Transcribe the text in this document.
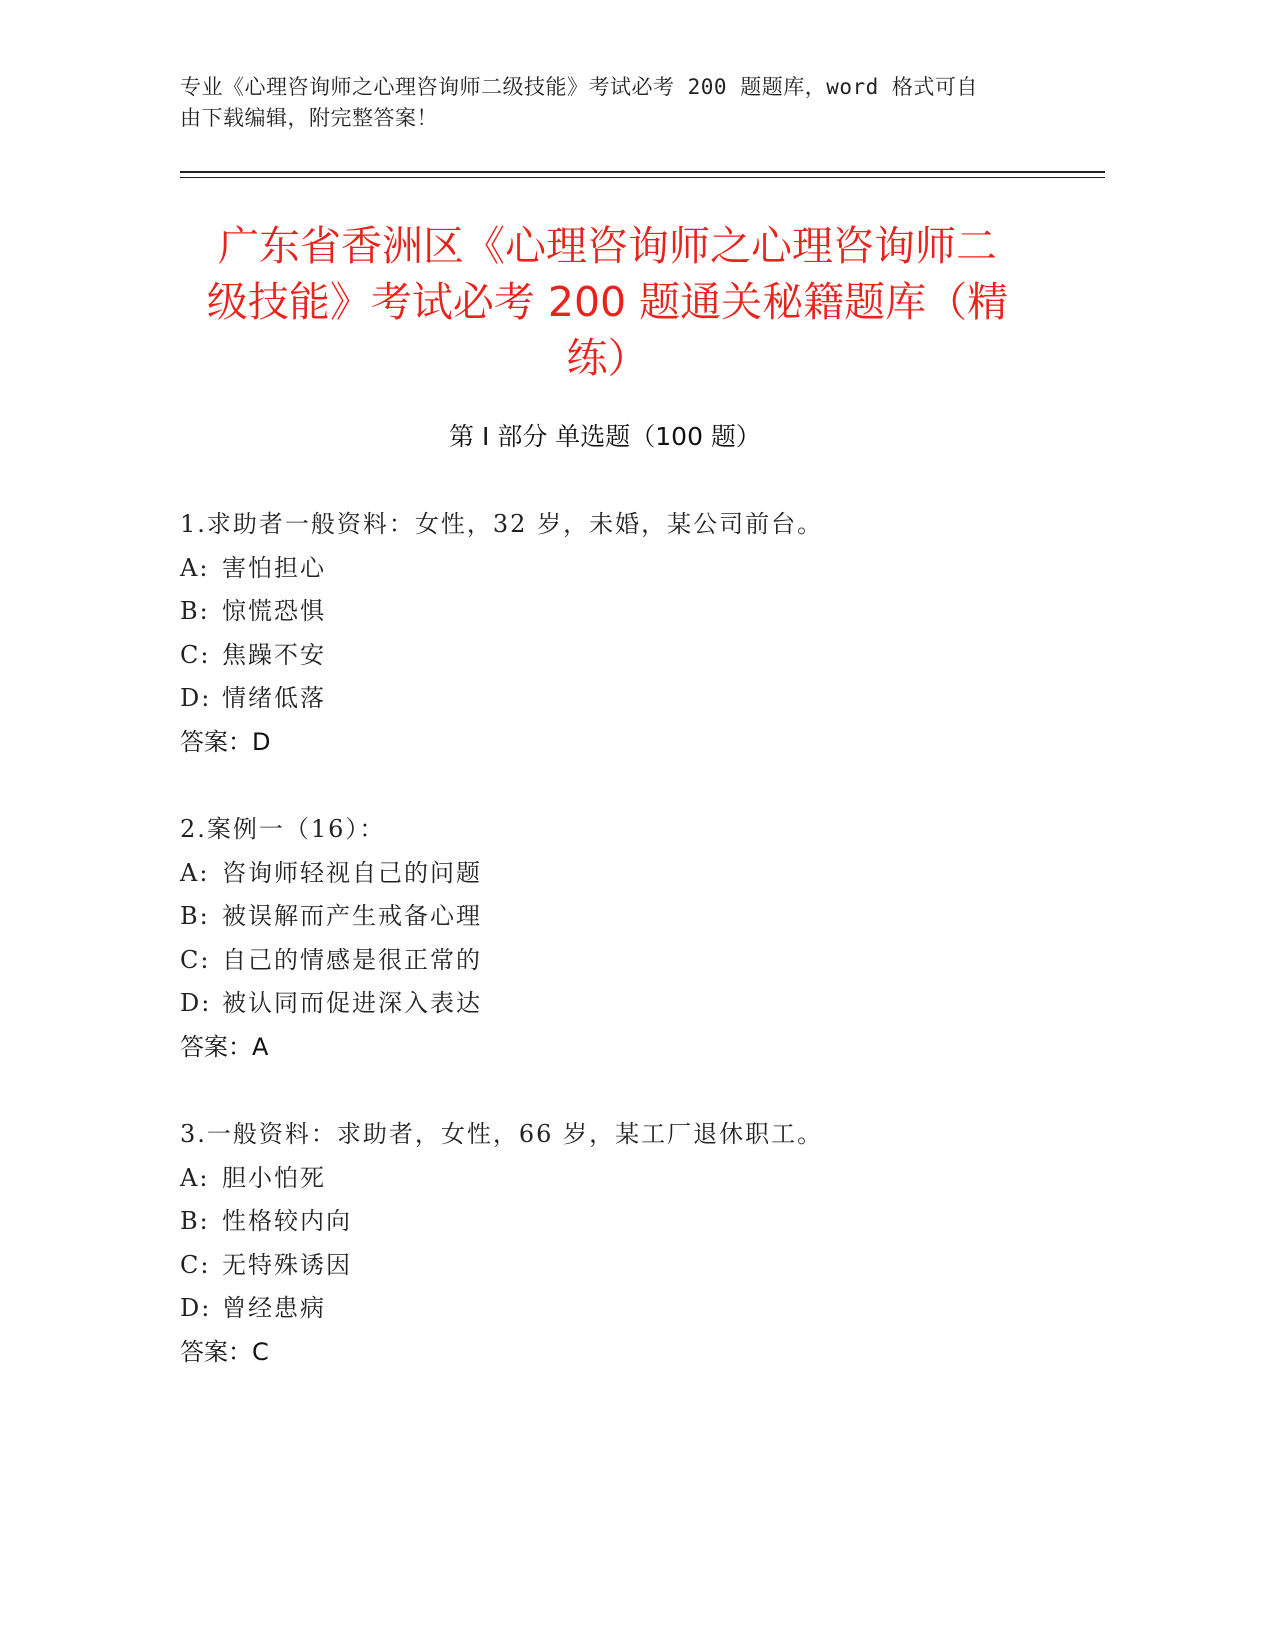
专业《心理咨询师之心理咨询师二级技能》考试必考 200 题题库，word 格式可自
由下载编辑，附完整答案！
广东省香洲区《心理咨询师之心理咨询师二
级技能》考试必考 200 题通关秘籍题库（精
练）
第 I 部分 单选题（100 题）
1.求助者一般资料：女性，32 岁，未婚，某公司前台。
A: 害怕担心
B: 惊慌恐惧
C: 焦躁不安
D: 情绪低落
答案：D
2.案例一（16）：
A: 咨询师轻视自己的问题
B: 被误解而产生戒备心理
C: 自己的情感是很正常的
D: 被认同而促进深入表达
答案：A
3.一般资料：求助者，女性，66 岁，某工厂退休职工。
A: 胆小怕死
B: 性格较内向
C: 无特殊诱因
D: 曾经患病
答案：C
